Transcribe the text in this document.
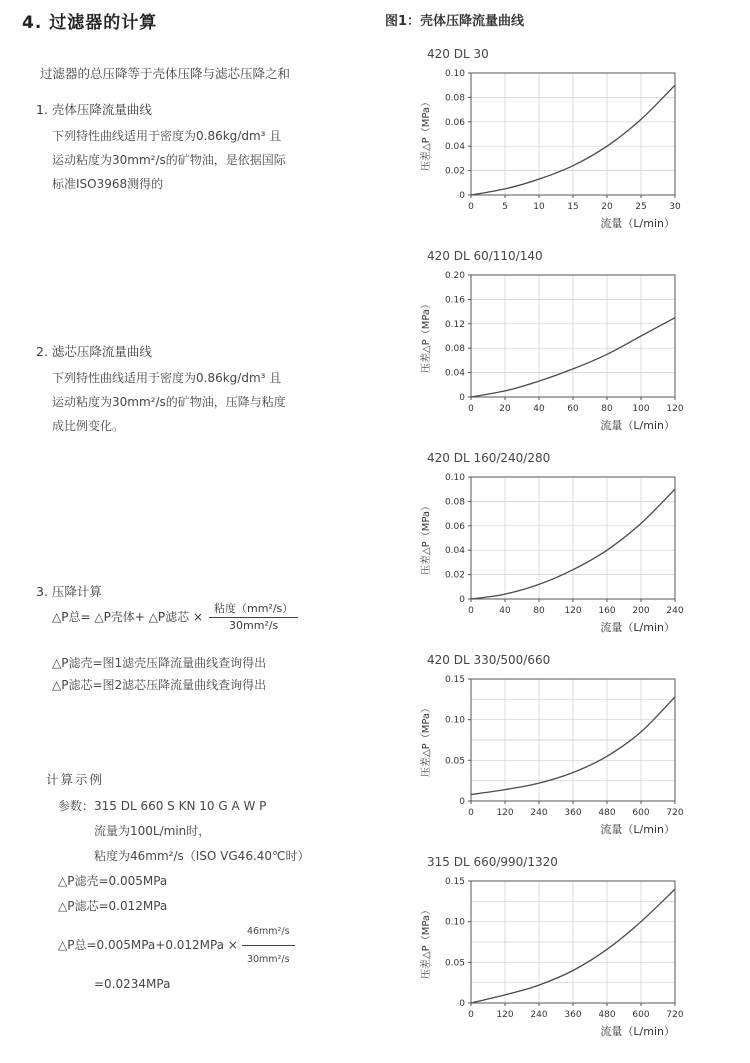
4. 过滤器的计算
过滤器的总压降等于壳体压降与滤芯压降之和
1. 壳体压降流量曲线
下列特性曲线适用于密度为0.86kg/dm³ 且
运动粘度为30mm²/s的矿物油，是依据国际
标准ISO3968测得的
2. 滤芯压降流量曲线
下列特性曲线适用于密度为0.86kg/dm³ 且
运动粘度为30mm²/s的矿物油，压降与粘度
成比例变化。
3. 压降计算
△P总= △P壳体+ △P滤芯 × $\frac{\text{粘度（mm²/s）}}{\text{30mm²/s}}$
△P滤壳=图1滤壳压降流量曲线查询得出
△P滤芯=图2滤芯压降流量曲线查询得出
计算示例
参数：315 DL 660 S KN 10 G A W P
流量为100L/min时，
粘度为46mm²/s（ISO VG46.40℃时）
△P滤壳=0.005MPa
△P滤芯=0.012MPa
△P总$=0.005MPa+0.012MPa \times \frac{\text{46mm²/s}}{\text{30mm²/s}}$
=0.0234MPa
图1：壳体压降流量曲线
420 DL 30
0	5	10	15	20	25	30
0
0.02
0.04
0.06
0.08
0.10
压差△P（MPa）
流量（L/min）
420 DL 60/110/140
0	20	40	60	80 100 120
0
0.04
0.08
0.12
0.16
0.20
压差△P（MPa）
流量（L/min）
420 DL 160/240/280
0	40	80 120 160 200 240
0
0.02
0.04
0.06
0.08
0.10
压差△P（MPa）
流量（L/min）
420 DL 330/500/660
0	120 240 360 480 600 720
0
0.05
0.10
0.15
压差△P（MPa）
流量（L/min）
315 DL 660/990/1320
0	120 240 360 480 600 720
0
0.05
0.10
0.15
压差△P（MPa）
流量（L/min）
